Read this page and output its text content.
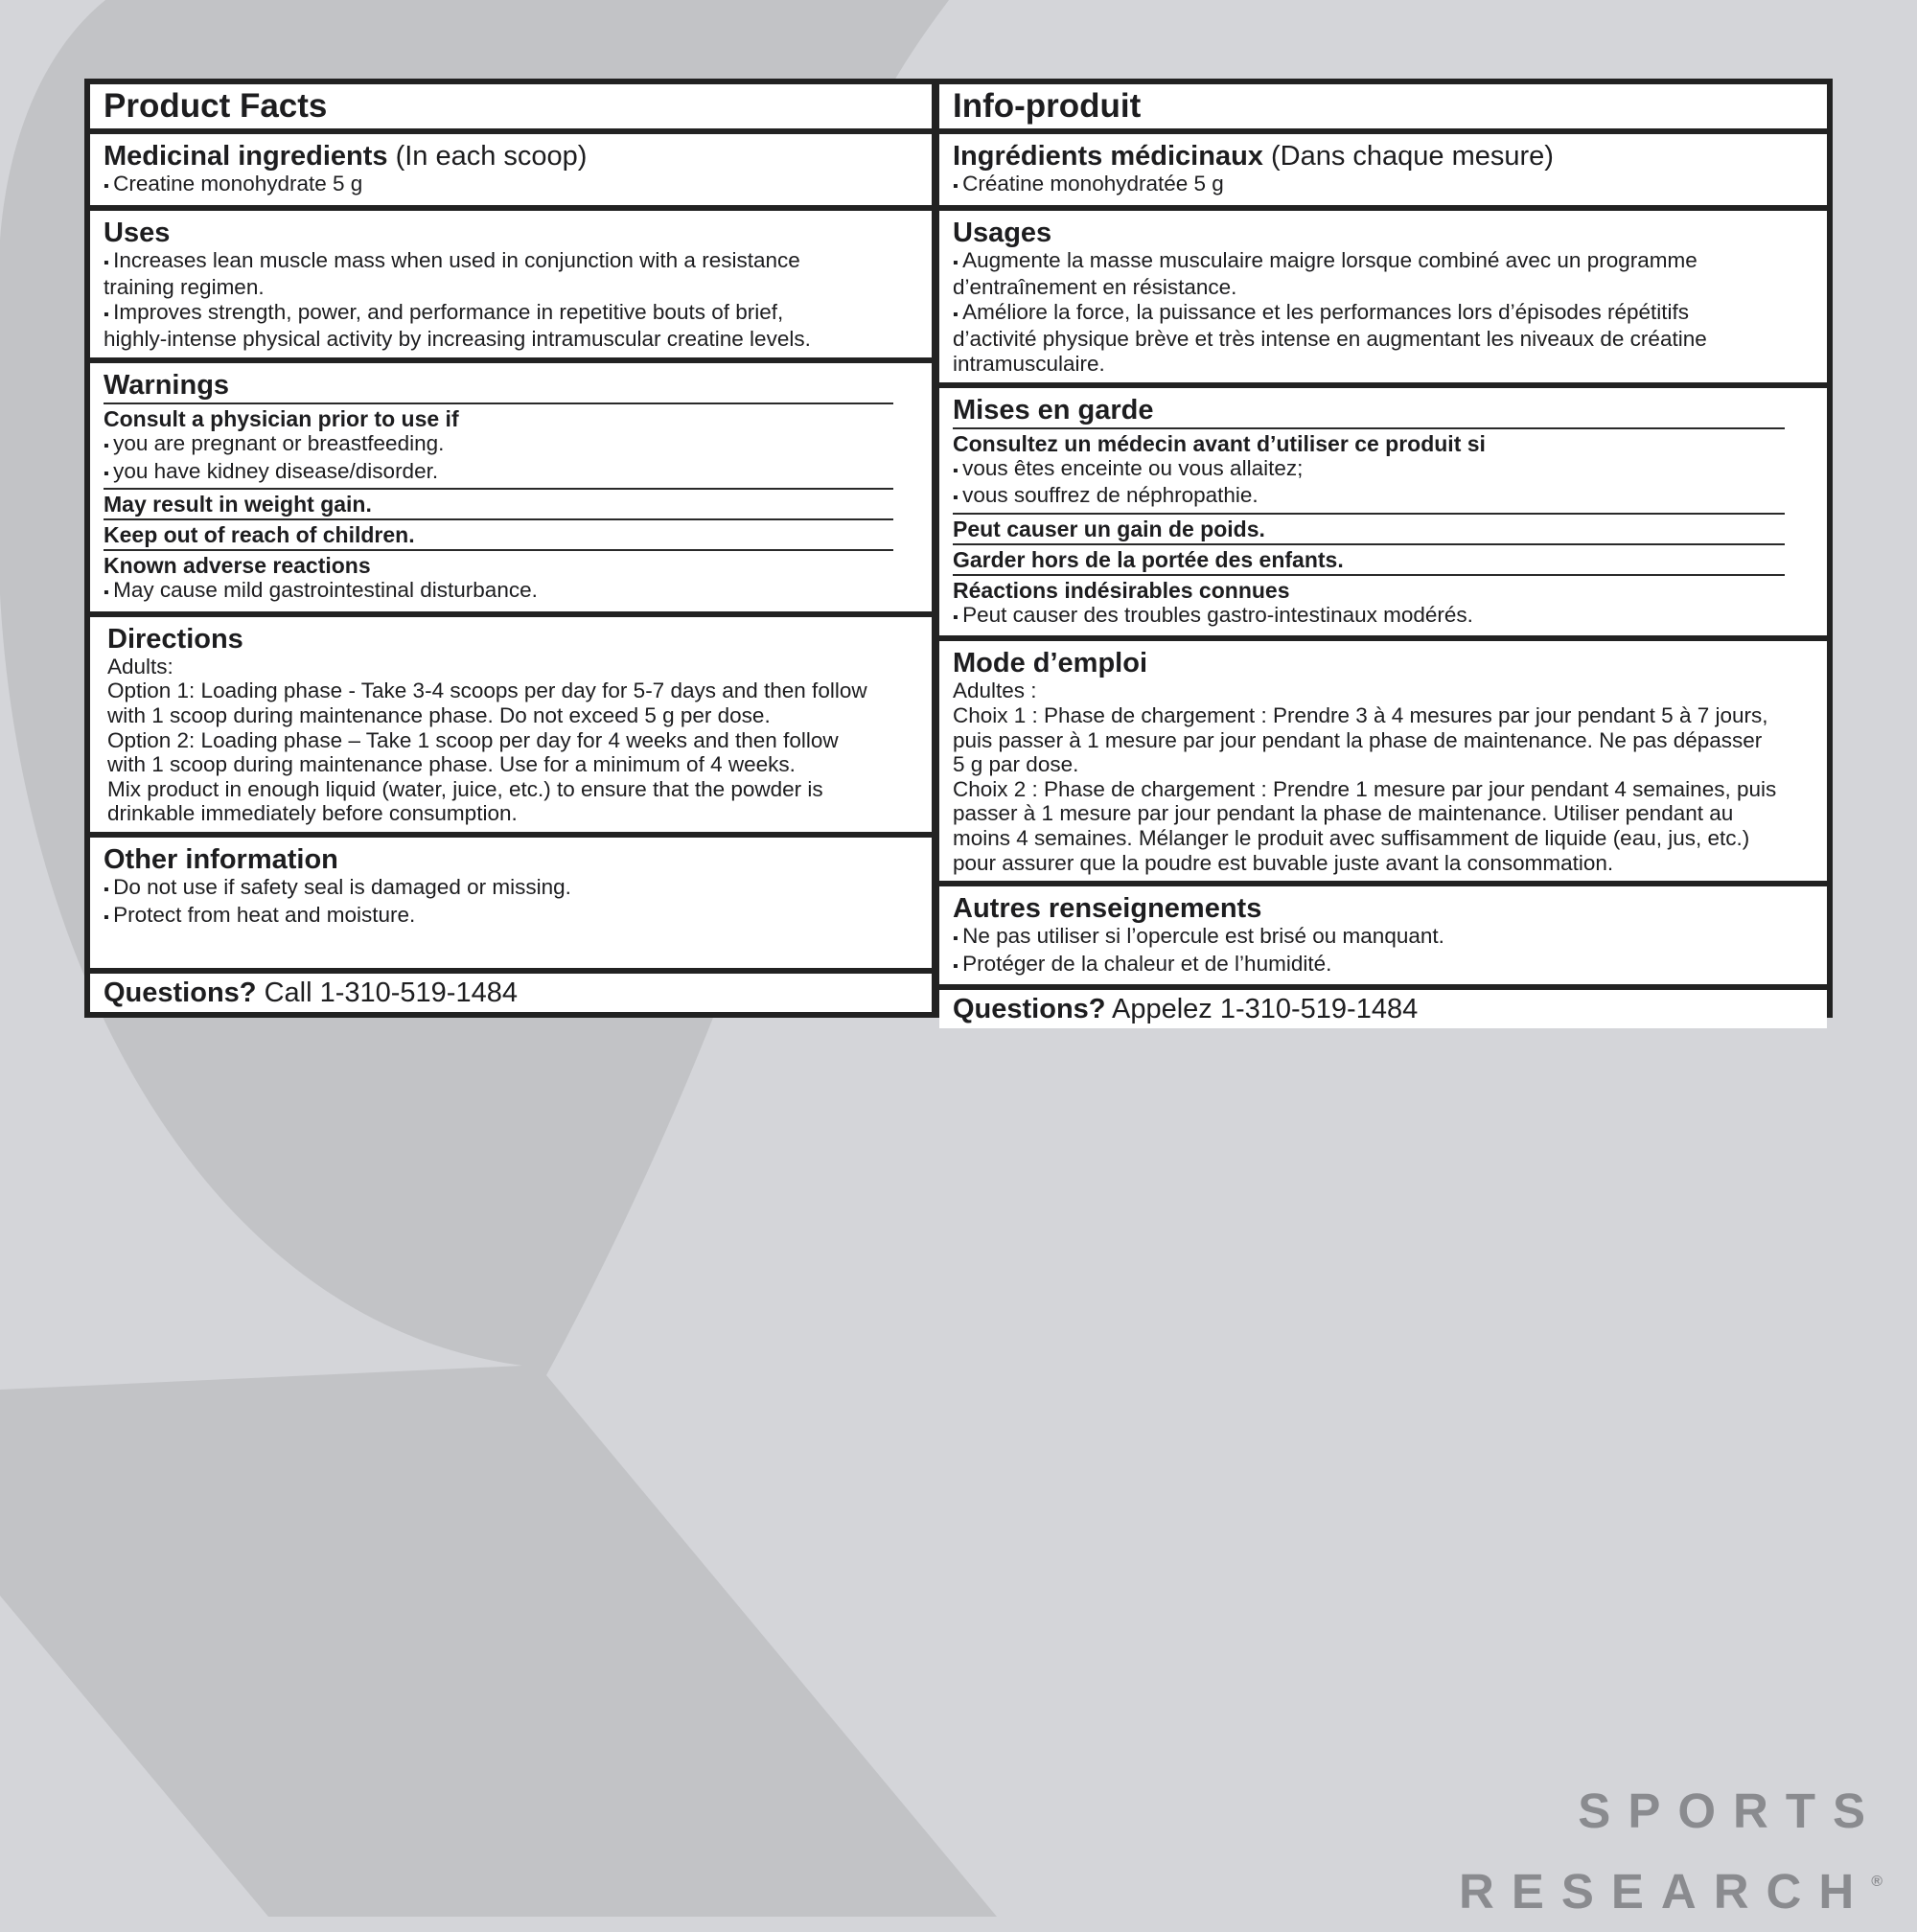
Product Facts
Medicinal ingredients (In each scoop)
▪ Creatine monohydrate 5 g
Uses
▪ Increases lean muscle mass when used in conjunction with a resistance
training regimen.
▪ Improves strength, power, and performance in repetitive bouts of brief,
highly-intense physical activity by increasing intramuscular creatine levels.
Warnings
Consult a physician prior to use if
▪ you are pregnant or breastfeeding.
▪ you have kidney disease/disorder.
May result in weight gain.
Keep out of reach of children.
Known adverse reactions
▪ May cause mild gastrointestinal disturbance.
Directions
Adults:
Option 1: Loading phase - Take 3-4 scoops per day for 5-7 days and then follow
with 1 scoop during maintenance phase. Do not exceed 5 g per dose.
Option 2: Loading phase – Take 1 scoop per day for 4 weeks and then follow
with 1 scoop during maintenance phase. Use for a minimum of 4 weeks.
Mix product in enough liquid (water, juice, etc.) to ensure that the powder is
drinkable immediately before consumption.
Other information
▪ Do not use if safety seal is damaged or missing.
▪ Protect from heat and moisture.
Questions? Call 1-310-519-1484
Info-produit
Ingrédients médicinaux (Dans chaque mesure)
▪ Créatine monohydratée 5 g
Usages
▪ Augmente la masse musculaire maigre lorsque combiné avec un programme
d’entraînement en résistance.
▪ Améliore la force, la puissance et les performances lors d’épisodes répétitifs
d’activité physique brève et très intense en augmentant les niveaux de créatine
intramusculaire.
Mises en garde
Consultez un médecin avant d’utiliser ce produit si
▪ vous êtes enceinte ou vous allaitez;
▪ vous souffrez de néphropathie.
Peut causer un gain de poids.
Garder hors de la portée des enfants.
Réactions indésirables connues
▪ Peut causer des troubles gastro-intestinaux modérés.
Mode d’emploi
Adultes :
Choix 1 : Phase de chargement : Prendre 3 à 4 mesures par jour pendant 5 à 7 jours,
puis passer à 1 mesure par jour pendant la phase de maintenance. Ne pas dépasser
5 g par dose.
Choix 2 : Phase de chargement : Prendre 1 mesure par jour pendant 4 semaines, puis
passer à 1 mesure par jour pendant la phase de maintenance. Utiliser pendant au
moins 4 semaines. Mélanger le produit avec suffisamment de liquide (eau, jus, etc.)
pour assurer que la poudre est buvable juste avant la consommation.
Autres renseignements
▪ Ne pas utiliser si l’opercule est brisé ou manquant.
▪ Protéger de la chaleur et de l’humidité.
Questions? Appelez 1-310-519-1484
SPORTS
RESEARCH®
